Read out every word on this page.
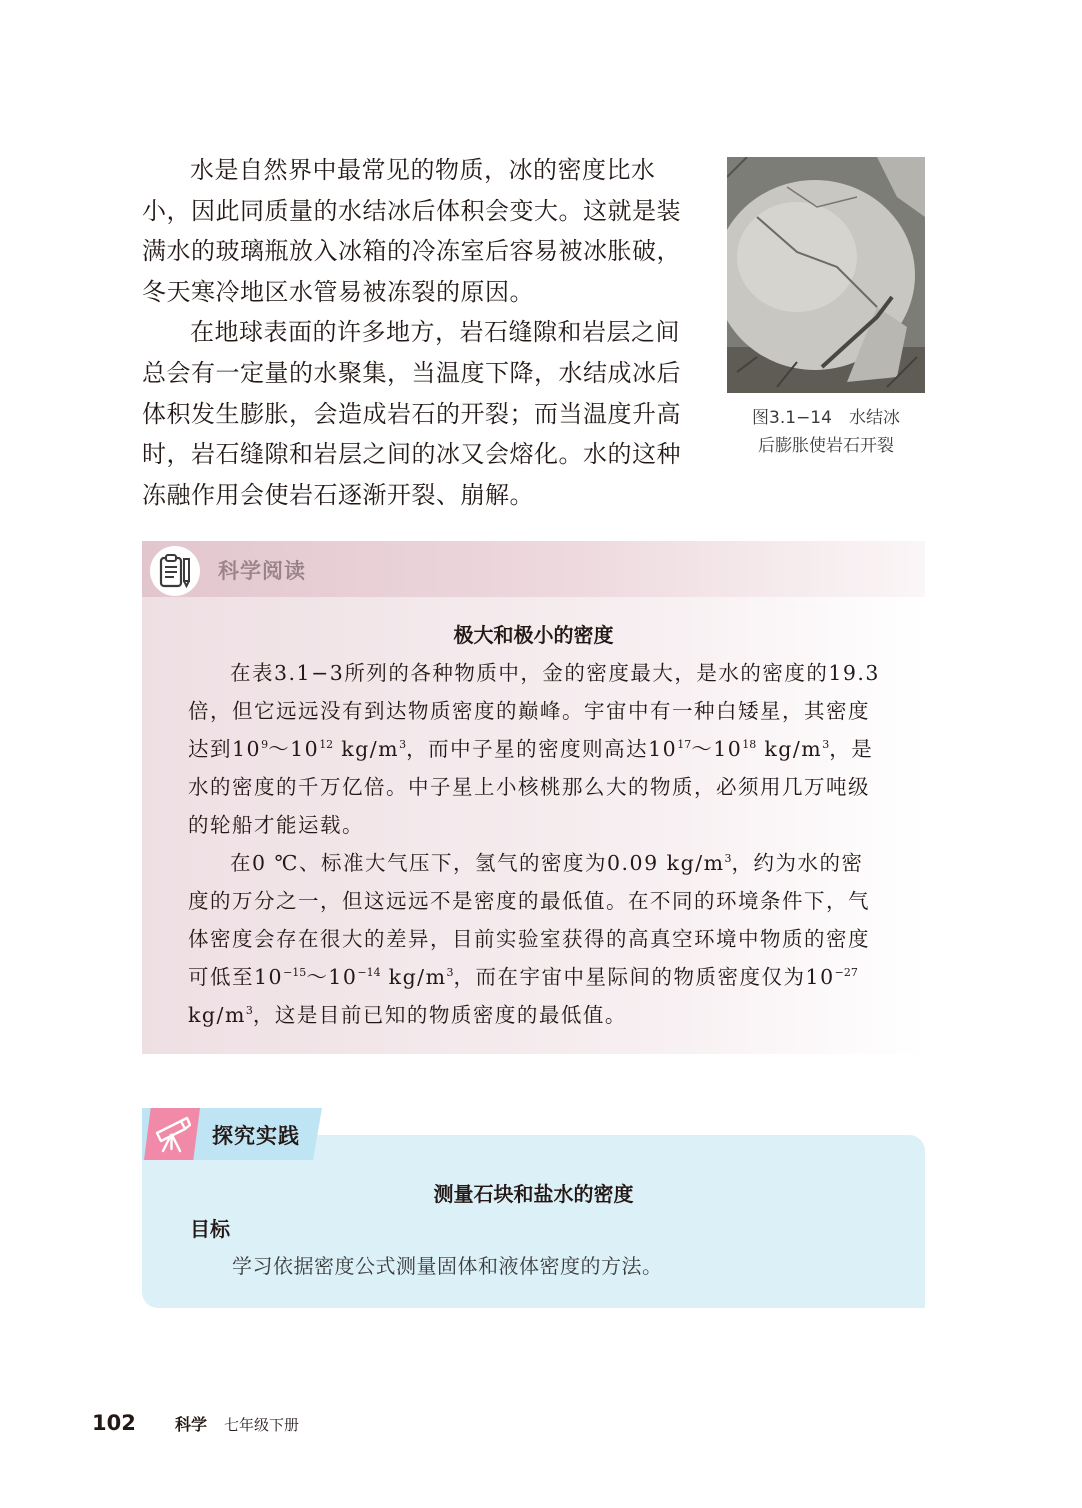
水是自然界中最常见的物质，冰的密度比水小，因此同质量的水结冰后体积会变大。这就是装满水的玻璃瓶放入冰箱的冷冻室后容易被冰胀破，冬天寒冷地区水管易被冻裂的原因。

在地球表面的许多地方，岩石缝隙和岩层之间总会有一定量的水聚集，当温度下降，水结成冰后体积发生膨胀，会造成岩石的开裂；而当温度升高时，岩石缝隙和岩层之间的冰又会熔化。水的这种冻融作用会使岩石逐渐开裂、崩解。

图3.1−14　水结冰
后膨胀使岩石开裂
科学阅读
极大和极小的密度

在表3.1−3所列的各种物质中，金的密度最大，是水的密度的19.3倍，但它远远没有到达物质密度的巅峰。宇宙中有一种白矮星，其密度达到$10^9\sim 10^{12}$ $kg/m^3$，而中子星的密度则高达$10^{17}\sim 10^{18}$ $kg/m^3$，是水的密度的千万亿倍。中子星上小核桃那么大的物质，必须用几万吨级的轮船才能运载。

在0 ℃、标准大气压下，氢气的密度为0.09 $kg/m^3$，约为水的密度的万分之一，但这远远不是密度的最低值。在不同的环境条件下，气体密度会存在很大的差异，目前实验室获得的高真空环境中物质的密度可低至$10^{-15}\sim 10^{-14}$ $kg/m^3$，而在宇宙中星际间的物质密度仅为$10^{-27}$ $kg/m^3$，这是目前已知的物质密度的最低值。

探究实践
测量石块和盐水的密度
目标
学习依据密度公式测量固体和液体密度的方法。
102 科学 七年级下册
